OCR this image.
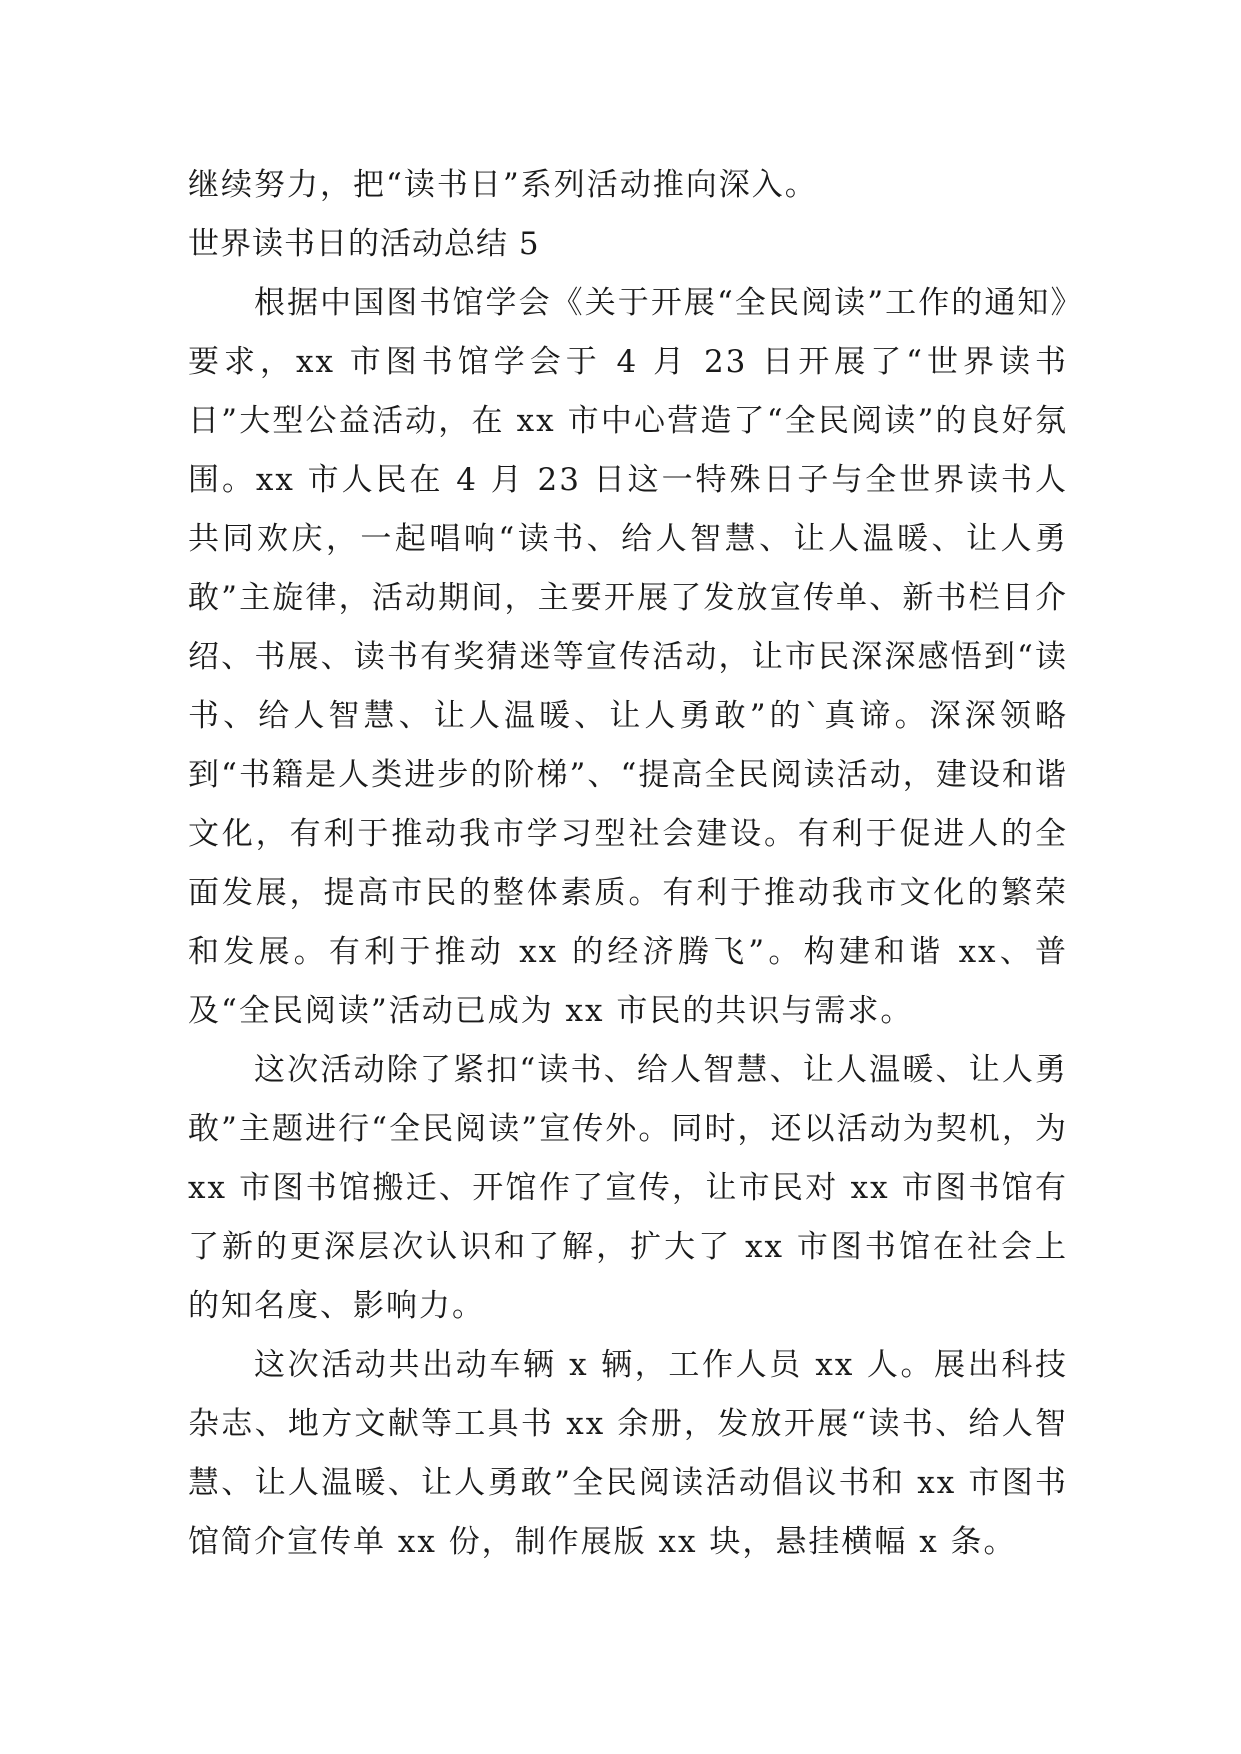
继续努力，把“读书日”系列活动推向深入。

世界读书日的活动总结 5

根据中国图书馆学会《关于开展“全民阅读”工作的通知》要求，xx 市图书馆学会于 4 月 23 日开展了“世界读书日”大型公益活动，在 xx 市中心营造了“全民阅读”的良好氛围。xx 市人民在 4 月 23 日这一特殊日子与全世界读书人共同欢庆，一起唱响“读书、给人智慧、让人温暖、让人勇敢”主旋律，活动期间，主要开展了发放宣传单、新书栏目介绍、书展、读书有奖猜迷等宣传活动，让市民深深感悟到“读书、给人智慧、让人温暖、让人勇敢”的`真谛。深深领略到“书籍是人类进步的阶梯”、“提高全民阅读活动，建设和谐文化，有利于推动我市学习型社会建设。有利于促进人的全面发展，提高市民的整体素质。有利于推动我市文化的繁荣和发展。有利于推动 xx 的经济腾飞”。构建和谐 xx、普及“全民阅读”活动已成为 xx 市民的共识与需求。

这次活动除了紧扣“读书、给人智慧、让人温暖、让人勇敢”主题进行“全民阅读”宣传外。同时，还以活动为契机，为 xx 市图书馆搬迁、开馆作了宣传，让市民对 xx 市图书馆有了新的更深层次认识和了解，扩大了 xx 市图书馆在社会上的知名度、影响力。

这次活动共出动车辆 x 辆，工作人员 xx 人。展出科技杂志、地方文献等工具书 xx 余册，发放开展“读书、给人智慧、让人温暖、让人勇敢”全民阅读活动倡议书和 xx 市图书馆简介宣传单 xx 份，制作展版 xx 块，悬挂横幅 x 条。
